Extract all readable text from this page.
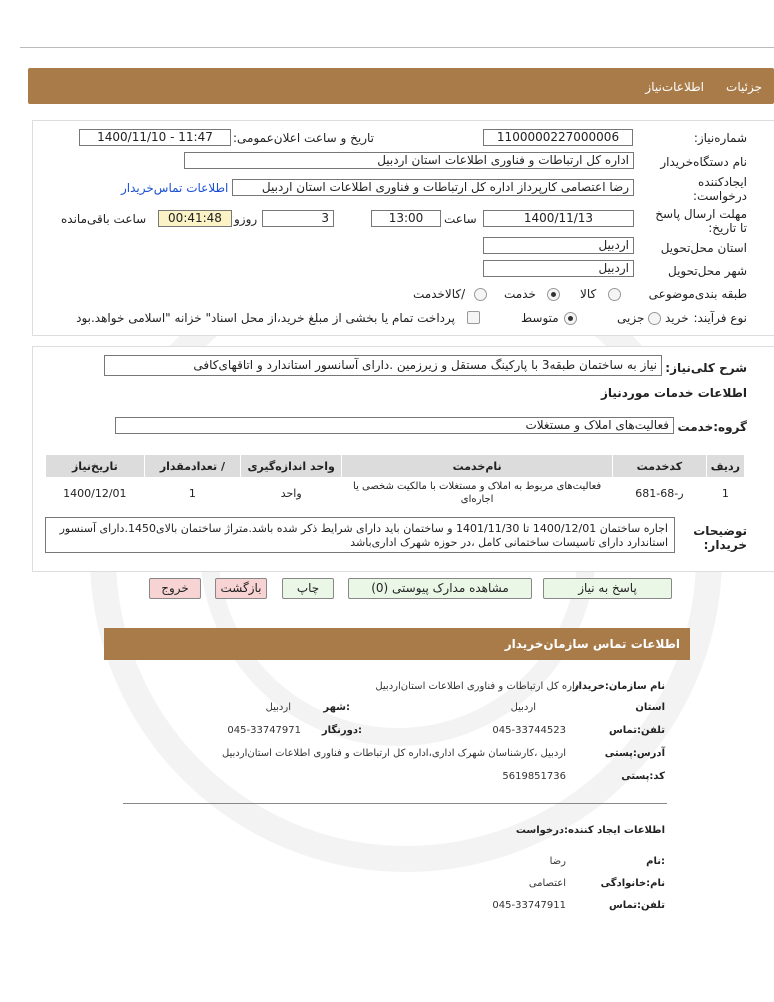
جزئیات
اطلاعات‌نیاز
شماره‌نیاز:
1100000227000006
تاریخ و ساعت اعلان‌عمومی:
1400/11/10 - 11:47
نام دستگاه‌خریدار
اداره کل ارتباطات و فناوری اطلاعات استان اردبیل
ایجادکننده درخواست:
رضا اعتصامی کارپرداز اداره کل ارتباطات و فناوری اطلاعات استان اردبیل
اطلاعات تماس‌خریدار
مهلت ارسال پاسخ تا تاریخ:
1400/11/13
ساعت
13:00
3
روزو
00:41:48
ساعت باقی‌مانده
استان محل‌تحویل
اردبیل
شهر محل‌تحویل
اردبیل
طبقه بندی‌موضوعی
کالا
خدمت
/کالاخدمت
نوع فرآیند:
خرید
جزیی
متوسط
پرداخت تمام یا بخشی از مبلغ خرید،از محل اسناد" خزانه "اسلامی خواهد.بود
شرح کلی‌نیاز:
نیاز به ساختمان طبقه3 با پارکینگ مستقل و زیرزمین .دارای آسانسور استاندارد و اتاقهای‌کافی
اطلاعات خدمات موردنیاز
گروه:خدمت
فعالیت‌های املاک و مستغلات
ردیف	کدخدمت	نام‌خدمت	واحد اندازه‌گیری	/ تعدادمقدار	تاریخ‌نیاز
1	ر-68-681	فعالیت‌های مربوط به املاک و مستغلات با مالکیت شخصی یا اجاره‌ای	واحد	1	1400/12/01
توضیحات خریدار:
اجاره ساختمان 1400/12/01 تا 1401/11/30 و ساختمان باید دارای شرایط ذکر شده باشد.متراژ ساختمان بالای1450.دارای آسنسور استاندارد دارای تاسیسات ساختمانی کامل ،در حوزه شهرک اداری‌باشد
پاسخ به نیاز
مشاهده مدارک پیوستی (0)
چاپ
بازگشت
خروج
اطلاعات تماس سازمان‌خریدار
نام سازمان:خریدار
اداره کل ارتباطات و فناوری اطلاعات استان‌اردبیل
استان
اردبیل
:شهر
اردبیل
تلفن:تماس
045-33744523
:دورنگار
045-33747971
آدرس:پستی
اردبیل ،کارشناسان شهرک اداری،اداره کل ارتباطات و فناوری اطلاعات استان‌اردبیل
کد:پستی
5619851736
اطلاعات ایجاد کننده:درخواست
:نام
رضا
نام:خانوادگی
اعتصامی
تلفن:تماس
045-33747911
